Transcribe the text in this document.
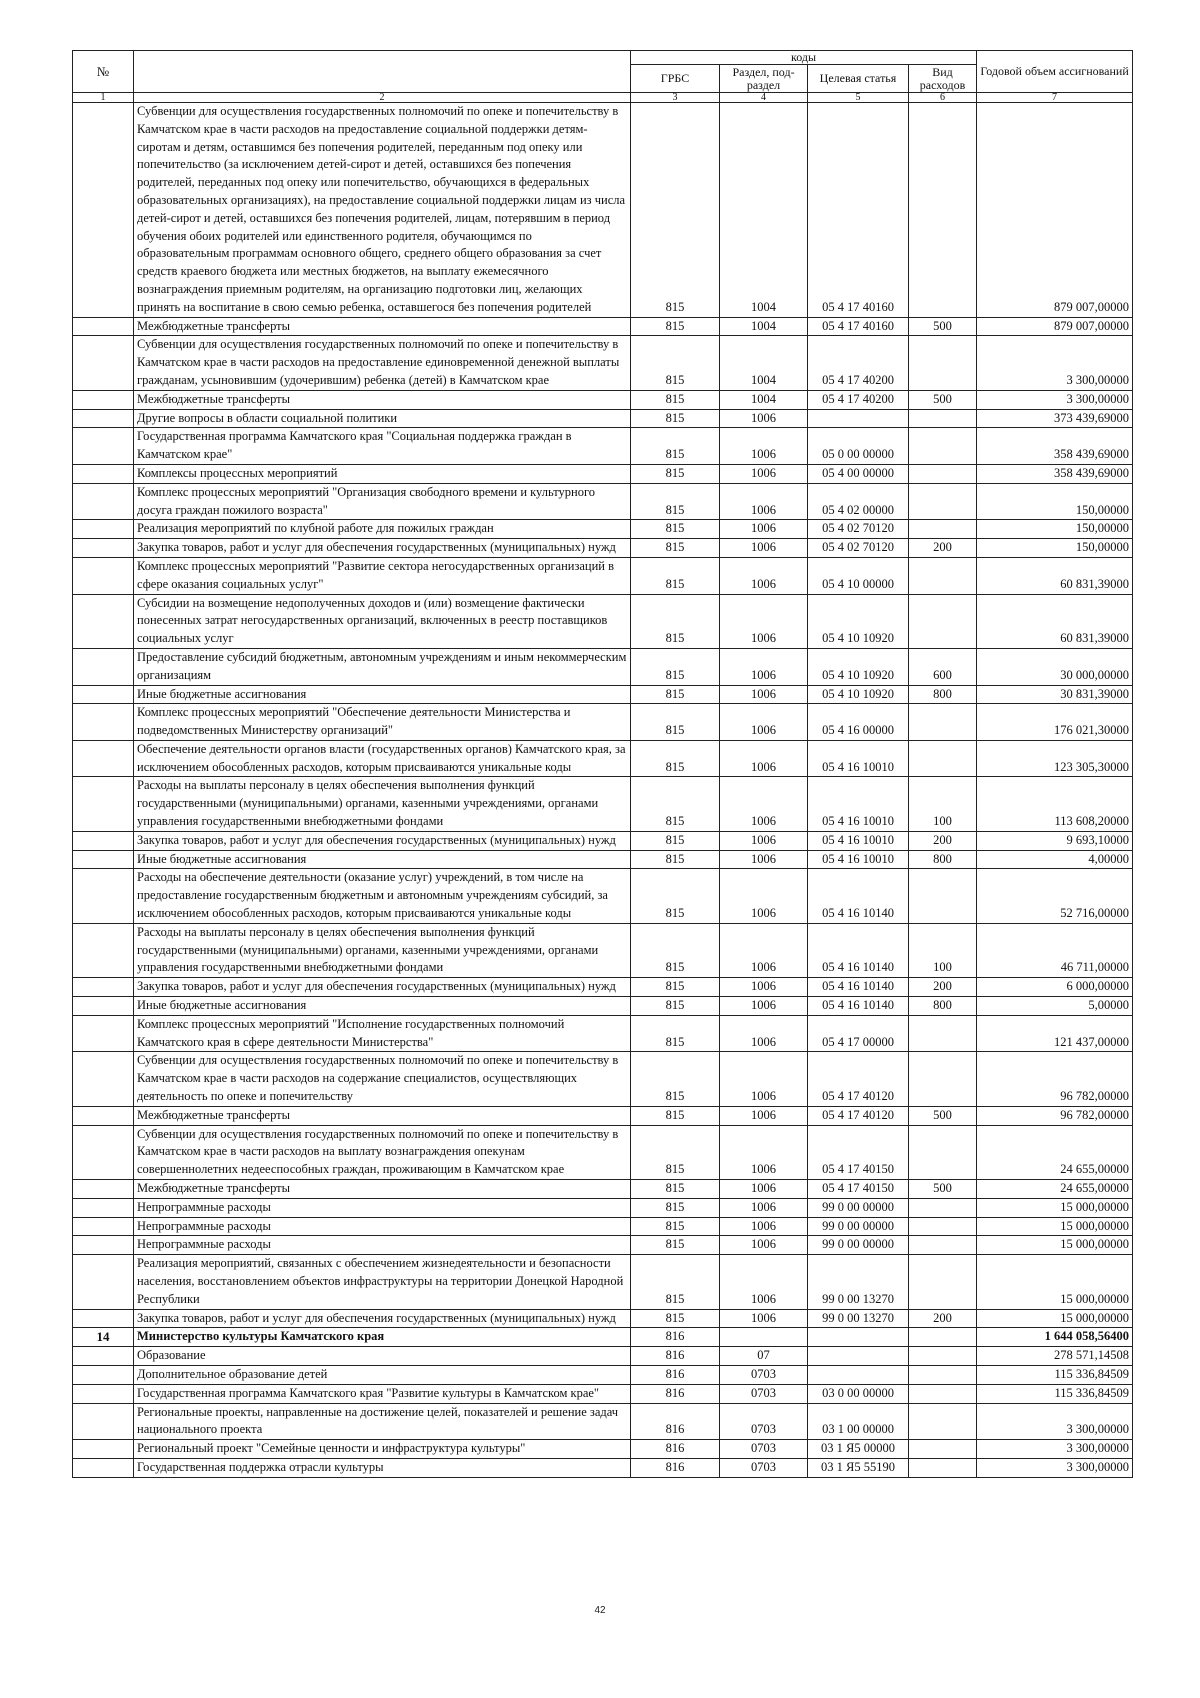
№		коды				Годовой объем ассигнований
		ГРБС	Раздел, под- раздел	Целевая статья	Вид расходов	
1	2	3	4	5	6	7
	Субвенции для осуществления государственных полномочий по опеке и попечительству в Камчатском крае в части расходов на предоставление социальной поддержки детям-сиротам и детям, оставшимся без попечения родителей, переданным под опеку или попечительство (за исключением детей-сирот и детей, оставшихся без попечения родителей, переданных под опеку или попечительство, обучающихся в федеральных образовательных организациях), на предоставление социальной поддержки лицам из числа детей-сирот и детей, оставшихся без попечения родителей, лицам, потерявшим в период обучения обоих родителей или единственного родителя, обучающимся по образовательным программам основного общего, среднего общего образования за счет средств краевого бюджета или местных бюджетов, на выплату ежемесячного вознаграждения приемным родителям, на организацию подготовки лиц, желающих принять на воспитание в свою семью ребенка, оставшегося без попечения родителей	815	1004	05 4 17 40160		879 007,00000
	Межбюджетные трансферты	815	1004	05 4 17 40160	500	879 007,00000
	Субвенции для осуществления государственных полномочий по опеке и попечительству в Камчатском крае в части расходов на предоставление единовременной денежной выплаты гражданам, усыновившим (удочерившим) ребенка (детей) в Камчатском крае	815	1004	05 4 17 40200		3 300,00000
	Межбюджетные трансферты	815	1004	05 4 17 40200	500	3 300,00000
	Другие вопросы в области социальной политики	815	1006			373 439,69000
	Государственная программа Камчатского края "Социальная поддержка граждан в Камчатском крае"	815	1006	05 0 00 00000		358 439,69000
	Комплексы процессных мероприятий	815	1006	05 4 00 00000		358 439,69000
	Комплекс процессных мероприятий "Организация свободного времени и культурного досуга граждан пожилого возраста"	815	1006	05 4 02 00000		150,00000
	Реализация мероприятий по клубной работе для пожилых граждан	815	1006	05 4 02 70120		150,00000
	Закупка товаров, работ и услуг для обеспечения государственных (муниципальных) нужд	815	1006	05 4 02 70120	200	150,00000
	Комплекс процессных мероприятий "Развитие сектора негосударственных организаций в сфере оказания социальных услуг"	815	1006	05 4 10 00000		60 831,39000
	Субсидии на возмещение недополученных доходов и (или) возмещение фактически понесенных затрат негосударственных организаций, включенных в реестр поставщиков социальных услуг	815	1006	05 4 10 10920		60 831,39000
	Предоставление субсидий бюджетным, автономным учреждениям и иным некоммерческим организациям	815	1006	05 4 10 10920	600	30 000,00000
	Иные бюджетные ассигнования	815	1006	05 4 10 10920	800	30 831,39000
	Комплекс процессных мероприятий "Обеспечение деятельности Министерства и подведомственных Министерству организаций"	815	1006	05 4 16 00000		176 021,30000
	Обеспечение деятельности органов власти (государственных органов) Камчатского края, за исключением обособленных расходов, которым присваиваются уникальные коды	815	1006	05 4 16 10010		123 305,30000
	Расходы на выплаты персоналу в целях обеспечения выполнения функций государственными (муниципальными) органами, казенными учреждениями, органами управления государственными внебюджетными фондами	815	1006	05 4 16 10010	100	113 608,20000
	Закупка товаров, работ и услуг для обеспечения государственных (муниципальных) нужд	815	1006	05 4 16 10010	200	9 693,10000
	Иные бюджетные ассигнования	815	1006	05 4 16 10010	800	4,00000
	Расходы на обеспечение деятельности (оказание услуг) учреждений, в том числе на предоставление государственным бюджетным и автономным учреждениям субсидий, за исключением обособленных расходов, которым присваиваются уникальные коды	815	1006	05 4 16 10140		52 716,00000
	Расходы на выплаты персоналу в целях обеспечения выполнения функций государственными (муниципальными) органами, казенными учреждениями, органами управления государственными внебюджетными фондами	815	1006	05 4 16 10140	100	46 711,00000
	Закупка товаров, работ и услуг для обеспечения государственных (муниципальных) нужд	815	1006	05 4 16 10140	200	6 000,00000
	Иные бюджетные ассигнования	815	1006	05 4 16 10140	800	5,00000
	Комплекс процессных мероприятий "Исполнение государственных полномочий Камчатского края в сфере деятельности Министерства"	815	1006	05 4 17 00000		121 437,00000
	Субвенции для осуществления государственных полномочий по опеке и попечительству в Камчатском крае в части расходов на содержание специалистов, осуществляющих деятельность по опеке и попечительству	815	1006	05 4 17 40120		96 782,00000
	Межбюджетные трансферты	815	1006	05 4 17 40120	500	96 782,00000
	Субвенции для осуществления государственных полномочий по опеке и попечительству в Камчатском крае в части расходов на выплату вознаграждения опекунам совершеннолетних недееспособных граждан, проживающим в Камчатском крае	815	1006	05 4 17 40150		24 655,00000
	Межбюджетные трансферты	815	1006	05 4 17 40150	500	24 655,00000
	Непрограммные расходы	815	1006	99 0 00 00000		15 000,00000
	Непрограммные расходы	815	1006	99 0 00 00000		15 000,00000
	Непрограммные расходы	815	1006	99 0 00 00000		15 000,00000
	Реализация мероприятий, связанных с обеспечением жизнедеятельности и безопасности населения, восстановлением объектов инфраструктуры на территории Донецкой Народной Республики	815	1006	99 0 00 13270		15 000,00000
	Закупка товаров, работ и услуг для обеспечения государственных (муниципальных) нужд	815	1006	99 0 00 13270	200	15 000,00000
14	Министерство культуры Камчатского края	816				1 644 058,56400
	Образование	816	07			278 571,14508
	Дополнительное образование детей	816	0703			115 336,84509
	Государственная программа Камчатского края "Развитие культуры в Камчатском крае"	816	0703	03 0 00 00000		115 336,84509
	Региональные проекты, направленные на достижение целей, показателей и решение задач национального проекта	816	0703	03 1 00 00000		3 300,00000
	Региональный проект "Семейные ценности и инфраструктура культуры"	816	0703	03 1 Я5 00000		3 300,00000
	Государственная поддержка отрасли культуры	816	0703	03 1 Я5 55190		3 300,00000
42
